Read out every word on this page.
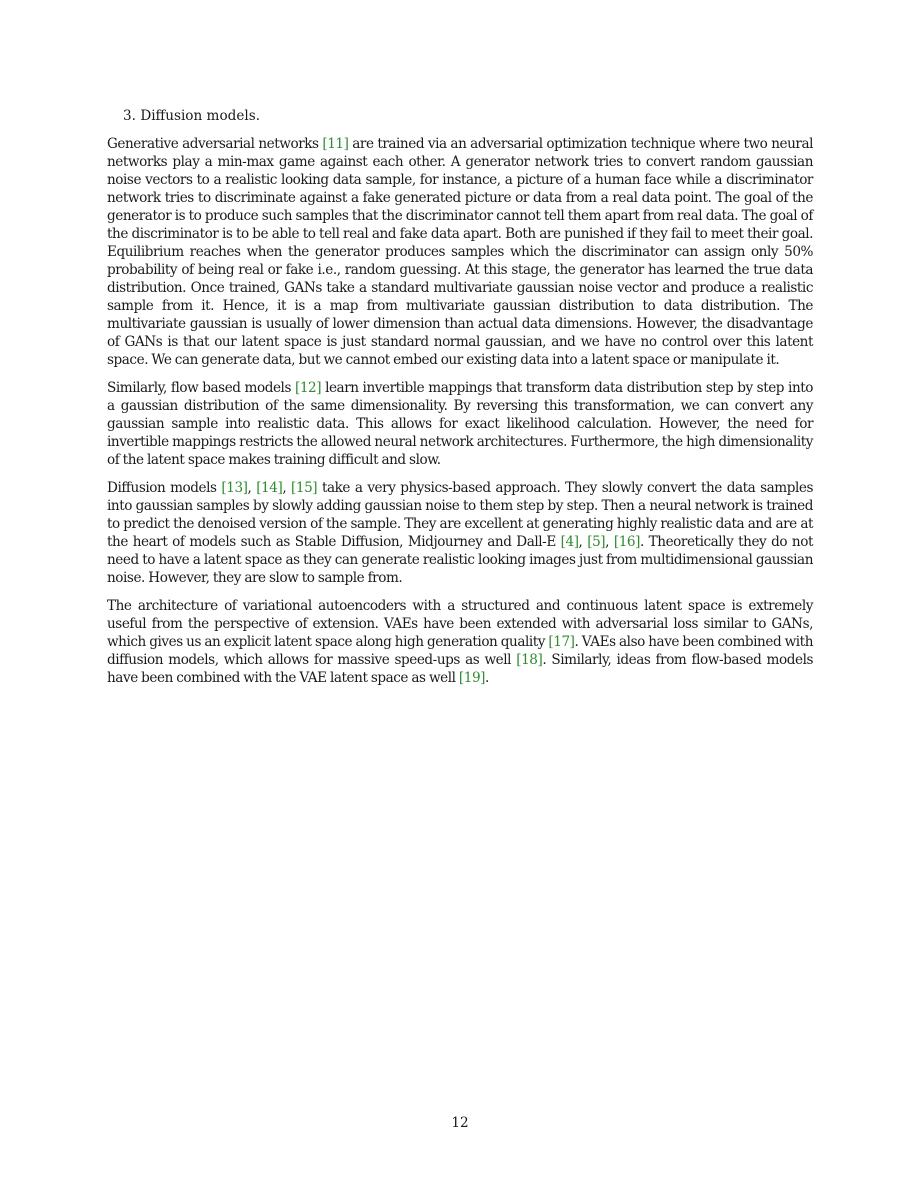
3. Diffusion models.

Generative adversarial networks [11] are trained via an adversarial optimization technique where two neural networks play a min-max game against each other. A generator network tries to convert random gaussian noise vectors to a realistic looking data sample, for instance, a picture of a human face while a discriminator network tries to discriminate against a fake generated picture or data from a real data point. The goal of the generator is to produce such samples that the discriminator cannot tell them apart from real data. The goal of the discriminator is to be able to tell real and fake data apart. Both are punished if they fail to meet their goal. Equilibrium reaches when the generator produces samples which the discriminator can assign only 50% probability of being real or fake i.e., random guessing. At this stage, the generator has learned the true data distribution. Once trained, GANs take a standard multivariate gaussian noise vector and produce a realistic sample from it. Hence, it is a map from multivariate gaussian distribution to data distribution. The multivariate gaussian is usually of lower dimension than actual data dimensions. However, the disadvantage of GANs is that our latent space is just standard normal gaussian, and we have no control over this latent space. We can generate data, but we cannot embed our existing data into a latent space or manipulate it.

Similarly, flow based models [12] learn invertible mappings that transform data distribution step by step into a gaussian distribution of the same dimensionality. By reversing this transformation, we can convert any gaussian sample into realistic data. This allows for exact likelihood calculation. However, the need for invertible mappings restricts the allowed neural network architectures. Furthermore, the high dimensionality of the latent space makes training difficult and slow.

Diffusion models [13], [14], [15] take a very physics-based approach. They slowly convert the data samples into gaussian samples by slowly adding gaussian noise to them step by step. Then a neural network is trained to predict the denoised version of the sample. They are excellent at generating highly realistic data and are at the heart of models such as Stable Diffusion, Midjourney and Dall-E [4], [5], [16]. Theoretically they do not need to have a latent space as they can generate realistic looking images just from multidimensional gaussian noise. However, they are slow to sample from.

The architecture of variational autoencoders with a structured and continuous latent space is extremely useful from the perspective of extension. VAEs have been extended with adversarial loss similar to GANs, which gives us an explicit latent space along high generation quality [17]. VAEs also have been combined with diffusion models, which allows for massive speed-ups as well [18]. Similarly, ideas from flow-based models have been combined with the VAE latent space as well [19].

12
